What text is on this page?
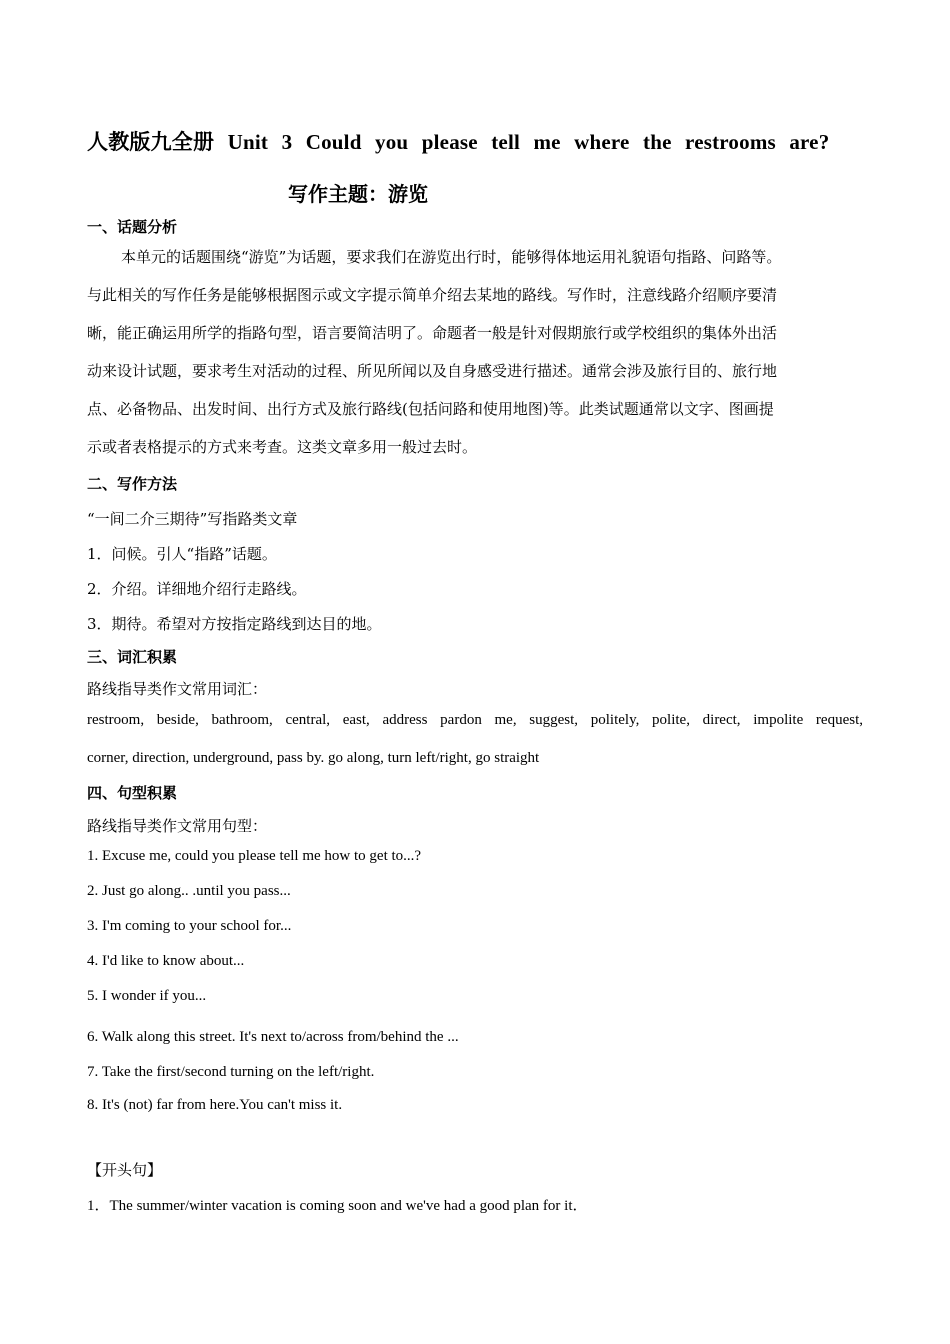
人教版九全册 Unit 3 Could you please tell me where the restrooms are?
写作主题：游览
一、话题分析
本单元的话题围绕“游览”为话题，要求我们在游览出行时，能够得体地运用礼貌语句指路、问路等。
与此相关的写作任务是能够根据图示或文字提示简单介绍去某地的路线。写作时，注意线路介绍顺序要清
晰，能正确运用所学的指路句型，语言要简洁明了。命题者一般是针对假期旅行或学校组织的集体外出活
动来设计试题，要求考生对活动的过程、所见所闻以及自身感受进行描述。通常会涉及旅行目的、旅行地
点、必备物品、出发时间、出行方式及旅行路线(包括问路和使用地图)等。此类试题通常以文字、图画提
示或者表格提示的方式来考查。这类文章多用一般过去时。
二、写作方法
“一间二介三期待”写指路类文章
1．问候。引人“指路”话题。
2．介绍。详细地介绍行走路线。
3．期待。希望对方按指定路线到达目的地。
三、词汇积累
路线指导类作文常用词汇：
restroom, beside, bathroom, central, east, address pardon me, suggest, politely, polite, direct, impolite request,
corner, direction, underground, pass by. go along, turn left/right, go straight
四、句型积累
路线指导类作文常用句型：
1. Excuse me, could you please tell me how to get to...?
2. Just go along.. .until you pass...
3. I'm coming to your school for...
4. I'd like to know about...
5. I wonder if you...
6. Walk along this street. It's next to/across from/behind the ...
7. Take the first/second turning on the left/right.
8. It's (not) far from here.You can't miss it.
【开头句】
1．The summer/winter vacation is coming soon and we've had a good plan for it．
